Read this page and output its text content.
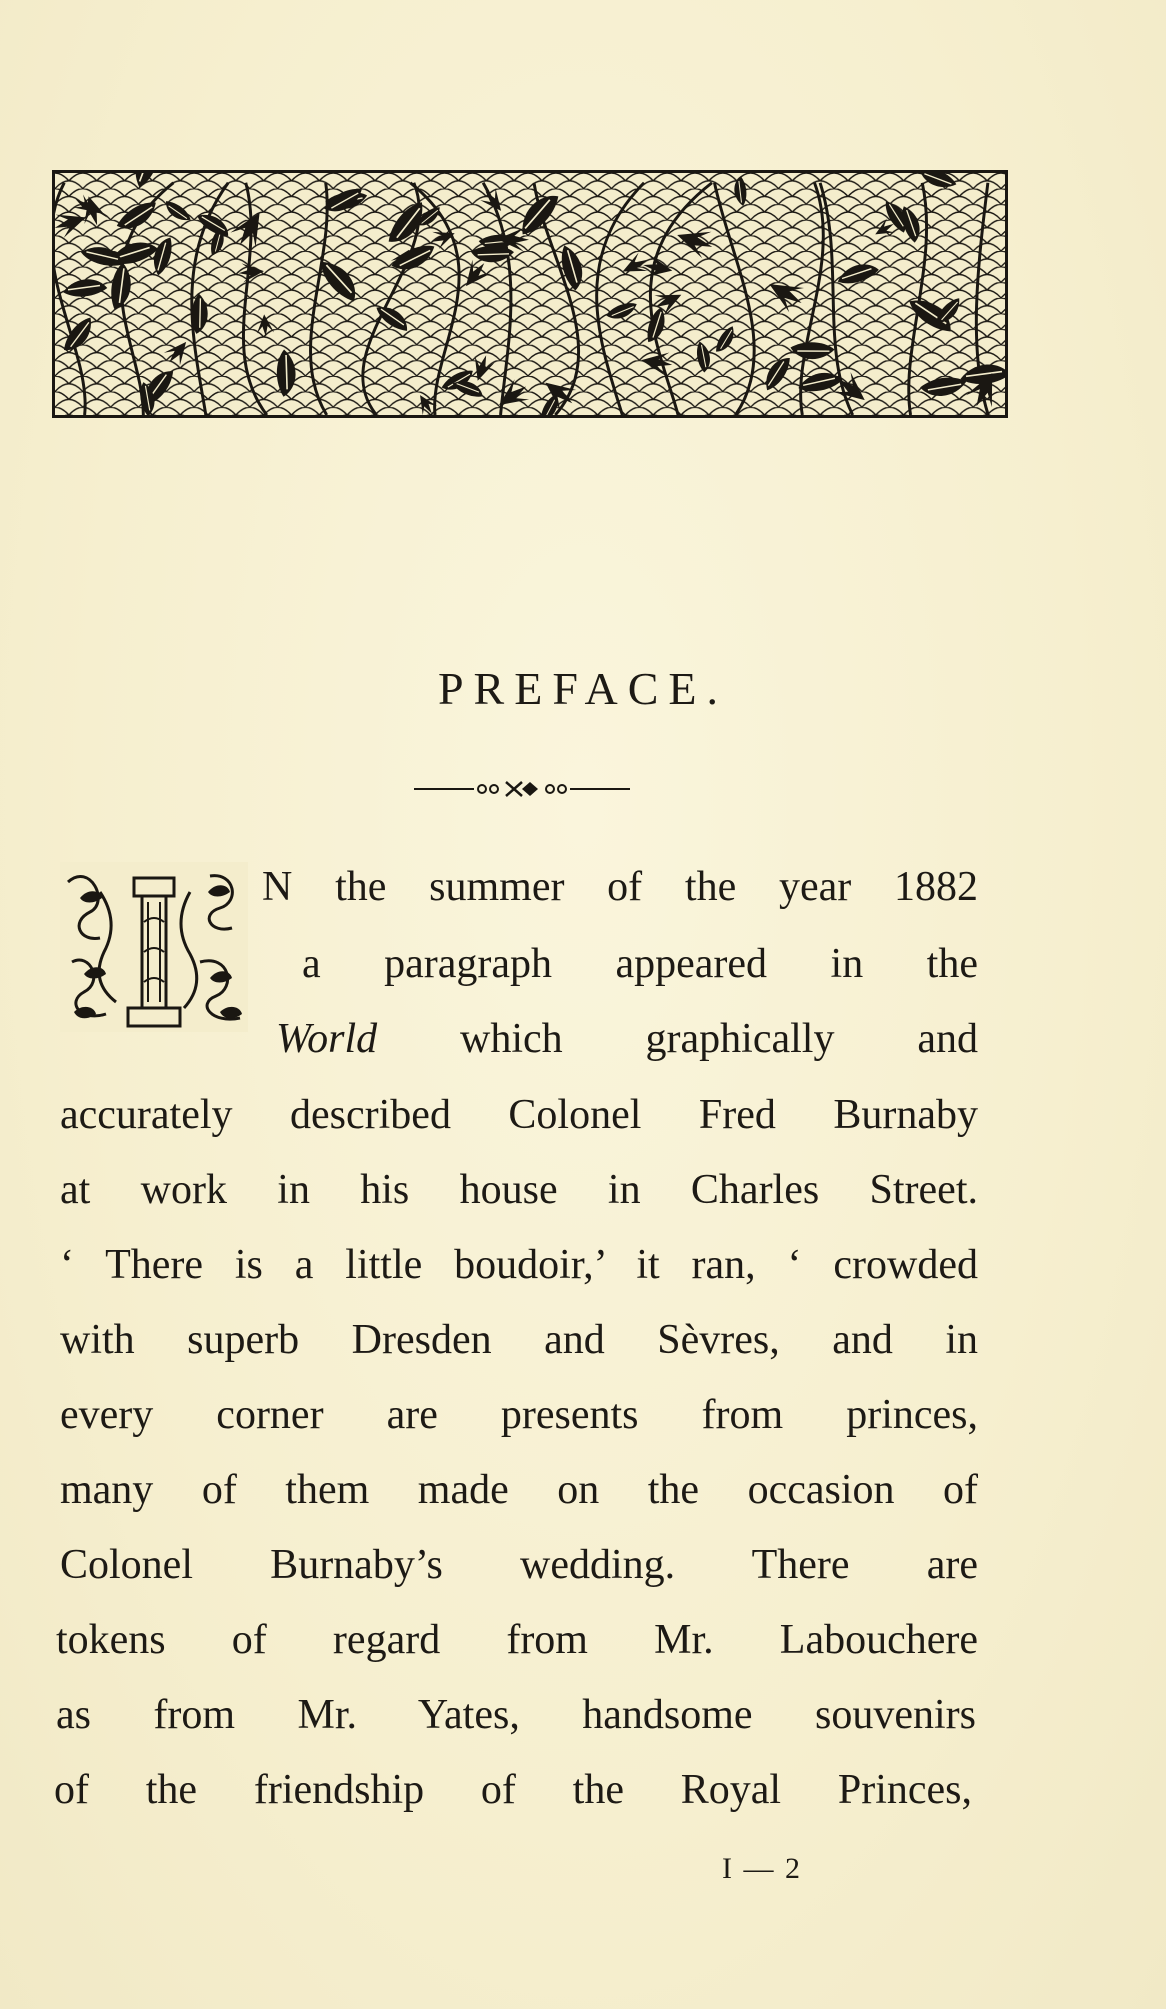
PREFACE.
N the summer of the year 1882
a paragraph appeared in the
World which graphically and
accurately described Colonel Fred Burnaby
at work in his house in Charles Street.
‘ There is a little boudoir,’ it ran, ‘ crowded
with superb Dresden and Sèvres, and in
every corner are presents from princes,
many of them made on the occasion of
Colonel Burnaby’s wedding. There are
tokens of regard from Mr. Labouchere
as from Mr. Yates, handsome souvenirs
of the friendship of the Royal Princes,
I — 2
